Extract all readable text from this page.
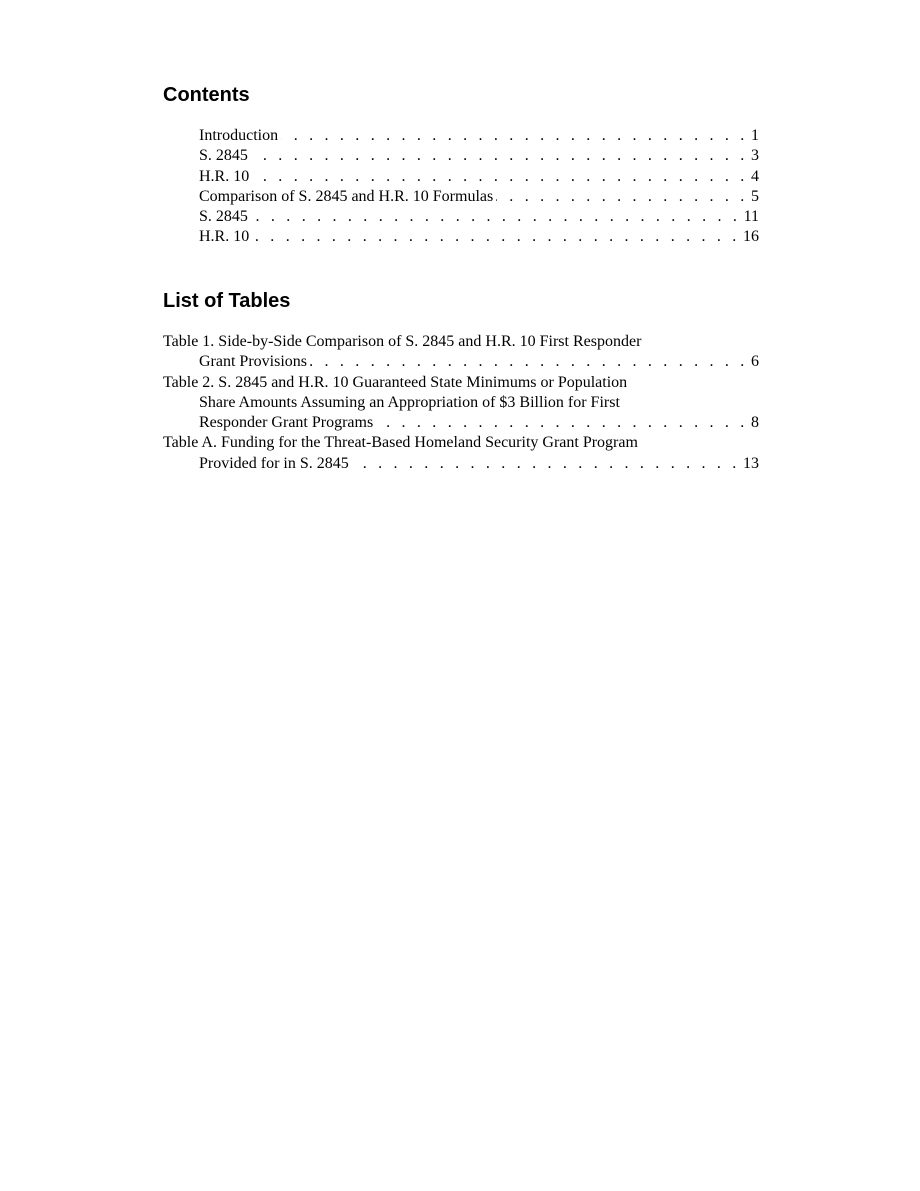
Contents
Introduction . . .	1
S. 2845 . . .	3
H.R. 10 . . .	4
Comparison of S. 2845 and H.R. 10 Formulas . . .	5
S. 2845 . . .	11
H.R. 10 . . .	16
List of Tables
Table 1. Side-by-Side Comparison of S. 2845 and H.R. 10 First Responder
Grant Provisions . . .	6
Table 2. S. 2845 and H.R. 10 Guaranteed State Minimums or Population
Share Amounts Assuming an Appropriation of $3 Billion for First
Responder Grant Programs . . .	8
Table A. Funding for the Threat-Based Homeland Security Grant Program
Provided for in S. 2845 . . .	13
